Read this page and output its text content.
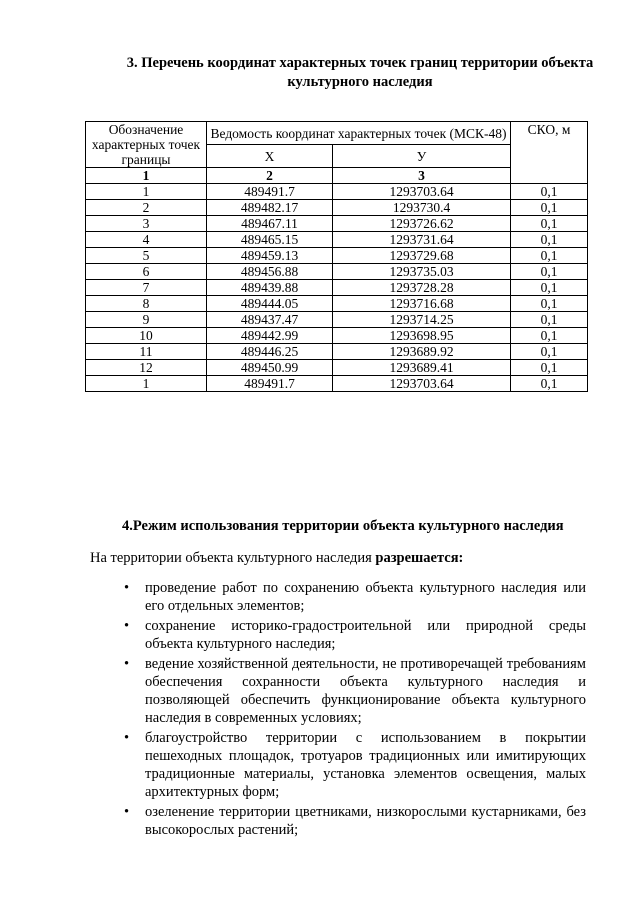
3. Перечень координат характерных точек границ территории объекта культурного наследия
Обозначение характерных точек границы	Ведомость координат характерных точек (МСК-48)		СКО, м
	Х	У	
1	2	3	
1	489491.7	1293703.64	0,1
2	489482.17	1293730.4	0,1
3	489467.11	1293726.62	0,1
4	489465.15	1293731.64	0,1
5	489459.13	1293729.68	0,1
6	489456.88	1293735.03	0,1
7	489439.88	1293728.28	0,1
8	489444.05	1293716.68	0,1
9	489437.47	1293714.25	0,1
10	489442.99	1293698.95	0,1
11	489446.25	1293689.92	0,1
12	489450.99	1293689.41	0,1
1	489491.7	1293703.64	0,1
4.Режим использования территории объекта культурного наследия
На территории объекта культурного наследия разрешается:
• проведение работ по сохранению объекта культурного наследия или его отдельных элементов;
• сохранение историко-градостроительной или природной среды объекта культурного наследия;
• ведение хозяйственной деятельности, не противоречащей требованиям обеспечения сохранности объекта культурного наследия и позволяющей обеспечить функционирование объекта культурного наследия в современных условиях;
• благоустройство территории с использованием в покрытии пешеходных площадок, тротуаров традиционных или имитирующих традиционные материалы, установка элементов освещения, малых архитектурных форм;
• озеленение территории цветниками, низкорослыми кустарниками, без высокорослых растений;
